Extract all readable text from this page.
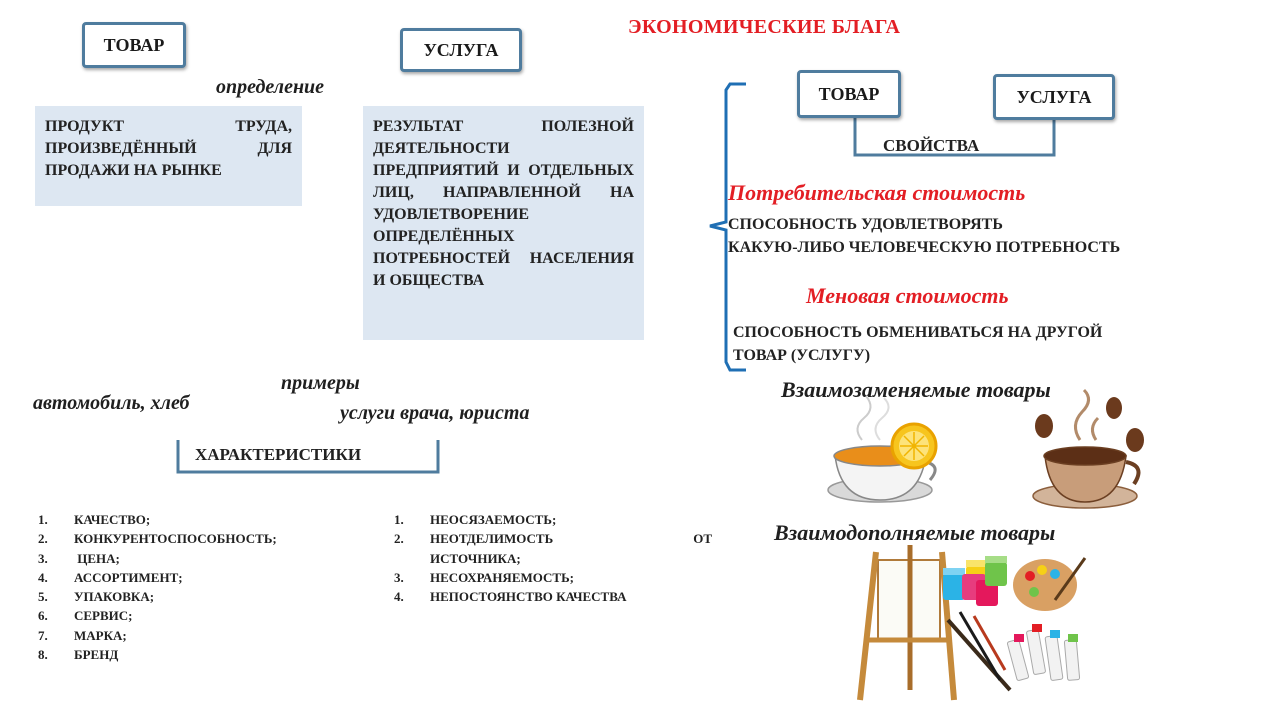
ЭКОНОМИЧЕСКИЕ БЛАГА
ТОВАР	УСЛУГА
определение
ПРОДУКТ ТРУДА, ПРОИЗВЕДЁННЫЙ ДЛЯ ПРОДАЖИ НА РЫНКЕ
РЕЗУЛЬТАТ ПОЛЕЗНОЙ ДЕЯТЕЛЬНОСТИ ПРЕДПРИЯТИЙ И ОТДЕЛЬНЫХ ЛИЦ, НАПРАВЛЕННОЙ НА УДОВЛЕТВОРЕНИЕ ОПРЕДЕЛЁННЫХ ПОТРЕБНОСТЕЙ НАСЕЛЕНИЯ И ОБЩЕСТВА
примеры
автомобиль, хлеб	услуги врача, юриста
ХАРАКТЕРИСТИКИ
1.	КАЧЕСТВО;
2.	КОНКУРЕНТОСПОСОБНОСТЬ;
3.	ЦЕНА;
4.	АССОРТИМЕНТ;
5.	УПАКОВКА;
6.	СЕРВИС;
7.	МАРКА;
8.	БРЕНД
1.	НЕОСЯЗАЕМОСТЬ;
2.	НЕОТДЕЛИМОСТЬ	ОТ
ИСТОЧНИКА;
3.	НЕСОХРАНЯЕМОСТЬ;
4.	НЕПОСТОЯНСТВО КАЧЕСТВА
ТОВАР	УСЛУГА
СВОЙСТВА
Потребительская стоимость
СПОСОБНОСТЬ УДОВЛЕТВОРЯТЬ
КАКУЮ-ЛИБО ЧЕЛОВЕЧЕСКУЮ ПОТРЕБНОСТЬ
Меновая стоимость
СПОСОБНОСТЬ ОБМЕНИВАТЬСЯ НА ДРУГОЙ
ТОВАР (УСЛУГУ)
Взаимозаменяемые товары
Взаимодополняемые товары
